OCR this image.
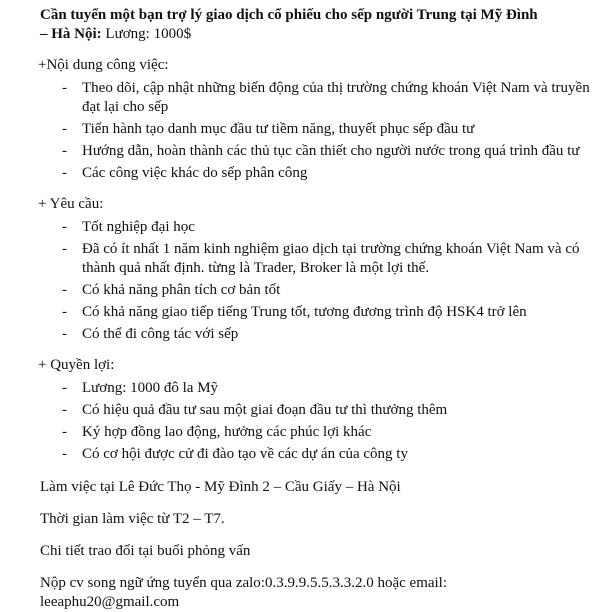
Cần tuyển một bạn trợ lý giao dịch cổ phiếu cho sếp người Trung tại Mỹ Đình
– Hà Nội: Lương: 1000$
+Nội dung công việc:
- Theo dõi, cập nhật những biến động của thị trường chứng khoán Việt Nam và truyền đạt lại cho sếp
- Tiến hành tạo danh mục đầu tư tiềm năng, thuyết phục sếp đầu tư
- Hướng dẫn, hoàn thành các thủ tục cần thiết cho người nước trong quá trình đầu tư
- Các công việc khác do sếp phân công
+ Yêu cầu:
- Tốt nghiệp đại học
- Đã có ít nhất 1 năm kinh nghiệm giao dịch tại trường chứng khoán Việt Nam và có thành quả nhất định. từng là Trader, Broker là một lợi thế.
- Có khả năng phân tích cơ bản tốt
- Có khả năng giao tiếp tiếng Trung tốt, tương đương trình độ HSK4 trở lên
- Có thể đi công tác với sếp
+ Quyền lợi:
- Lương: 1000 đô la Mỹ
- Có hiệu quả đầu tư sau một giai đoạn đầu tư thì thưởng thêm
- Ký hợp đồng lao động, hưởng các phúc lợi khác
- Có cơ hội được cử đi đào tạo về các dự án của công ty
Làm việc tại Lê Đức Thọ - Mỹ Đình 2 – Cầu Giấy – Hà Nội
Thời gian làm việc từ T2 – T7.
Chi tiết trao đổi tại buổi phỏng vấn
Nộp cv song ngữ ứng tuyển qua zalo:0.3.9.9.5.5.3.3.2.0 hoặc email:
leeaphu20@gmail.com
